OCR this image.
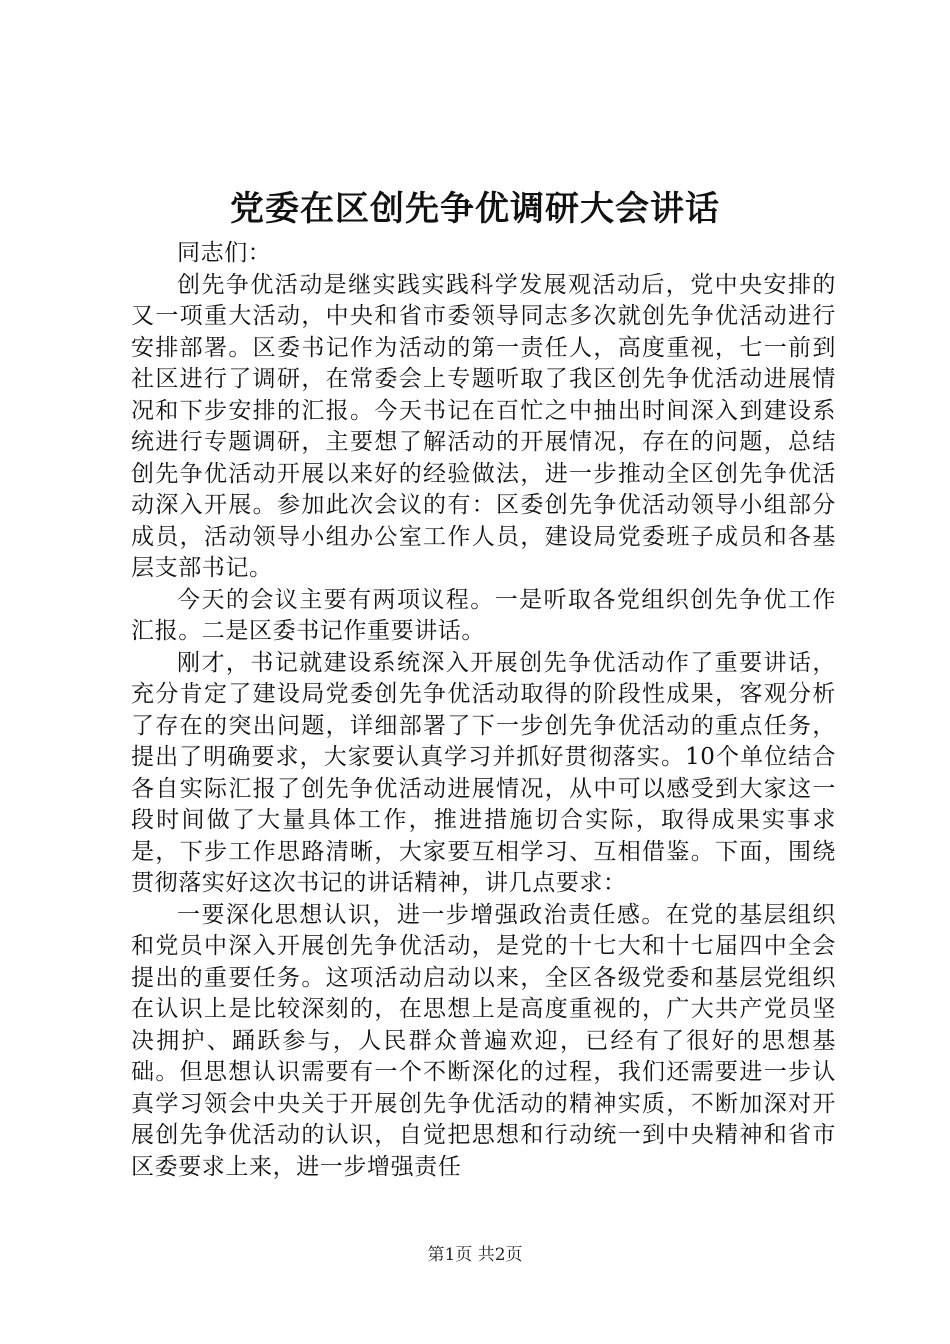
党委在区创先争优调研大会讲话

同志们：

创先争优活动是继实践实践科学发展观活动后，党中央安排的又一项重大活动，中央和省市委领导同志多次就创先争优活动进行安排部署。区委书记作为活动的第一责任人，高度重视，七一前到社区进行了调研，在常委会上专题听取了我区创先争优活动进展情况和下步安排的汇报。今天书记在百忙之中抽出时间深入到建设系统进行专题调研，主要想了解活动的开展情况，存在的问题，总结创先争优活动开展以来好的经验做法，进一步推动全区创先争优活动深入开展。参加此次会议的有：区委创先争优活动领导小组部分成员，活动领导小组办公室工作人员，建设局党委班子成员和各基层支部书记。

今天的会议主要有两项议程。一是听取各党组织创先争优工作汇报。二是区委书记作重要讲话。

刚才，书记就建设系统深入开展创先争优活动作了重要讲话，充分肯定了建设局党委创先争优活动取得的阶段性成果，客观分析了存在的突出问题，详细部署了下一步创先争优活动的重点任务，提出了明确要求，大家要认真学习并抓好贯彻落实。10个单位结合各自实际汇报了创先争优活动进展情况，从中可以感受到大家这一段时间做了大量具体工作，推进措施切合实际，取得成果实事求是，下步工作思路清晰，大家要互相学习、互相借鉴。下面，围绕贯彻落实好这次书记的讲话精神，讲几点要求：

一要深化思想认识，进一步增强政治责任感。在党的基层组织和党员中深入开展创先争优活动，是党的十七大和十七届四中全会提出的重要任务。这项活动启动以来，全区各级党委和基层党组织在认识上是比较深刻的，在思想上是高度重视的，广大共产党员坚决拥护、踊跃参与，人民群众普遍欢迎，已经有了很好的思想基础。但思想认识需要有一个不断深化的过程，我们还需要进一步认真学习领会中央关于开展创先争优活动的精神实质，不断加深对开展创先争优活动的认识，自觉把思想和行动统一到中央精神和省市区委要求上来，进一步增强责任

第1页 共2页
